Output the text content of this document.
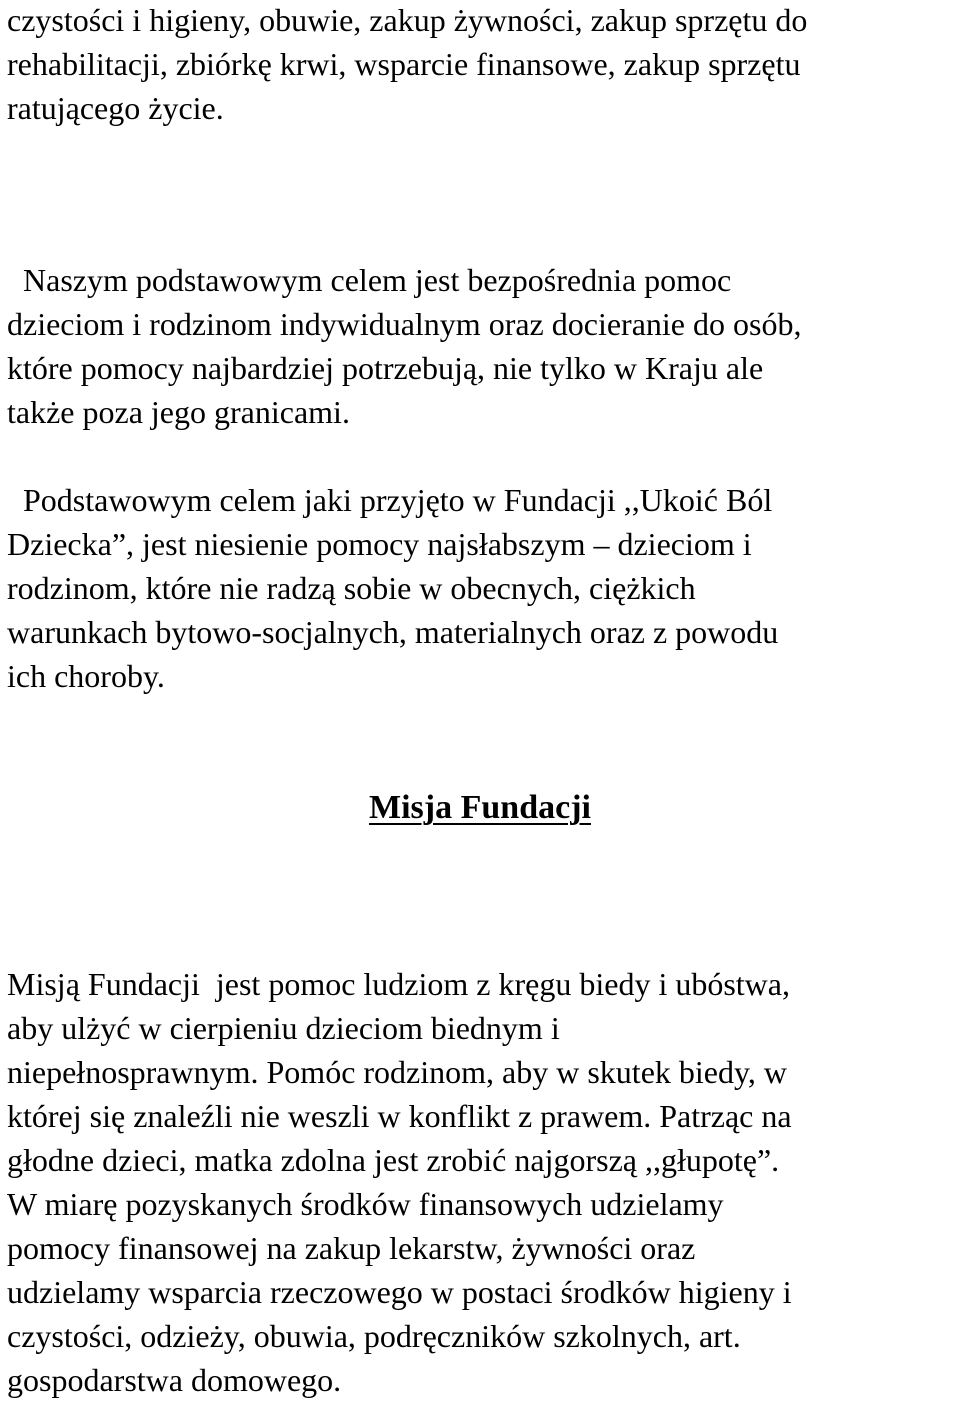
czystości i higieny, obuwie, zakup żywności, zakup sprzętu do

rehabilitacji, zbiórkę krwi, wsparcie finansowe, zakup sprzętu

ratującego życie.

Naszym podstawowym celem jest bezpośrednia pomoc

dzieciom i rodzinom indywidualnym oraz docieranie do osób,

które pomocy najbardziej potrzebują, nie tylko w Kraju ale

także poza jego granicami.

Podstawowym celem jaki przyjęto w Fundacji ,,Ukoić Ból

Dziecka”, jest niesienie pomocy najsłabszym – dzieciom i

rodzinom, które nie radzą sobie w obecnych, ciężkich

warunkach bytowo-socjalnych, materialnych oraz z powodu

ich choroby.

Misja Fundacji

Misją Fundacji  jest pomoc ludziom z kręgu biedy i ubóstwa,

aby ulżyć w cierpieniu dzieciom biednym i

niepełnosprawnym. Pomóc rodzinom, aby w skutek biedy, w

której się znaleźli nie weszli w konflikt z prawem. Patrząc na

głodne dzieci, matka zdolna jest zrobić najgorszą ,,głupotę”.

W miarę pozyskanych środków finansowych udzielamy

pomocy finansowej na zakup lekarstw, żywności oraz

udzielamy wsparcia rzeczowego w postaci środków higieny i

czystości, odzieży, obuwia, podręczników szkolnych, art.

gospodarstwa domowego.
